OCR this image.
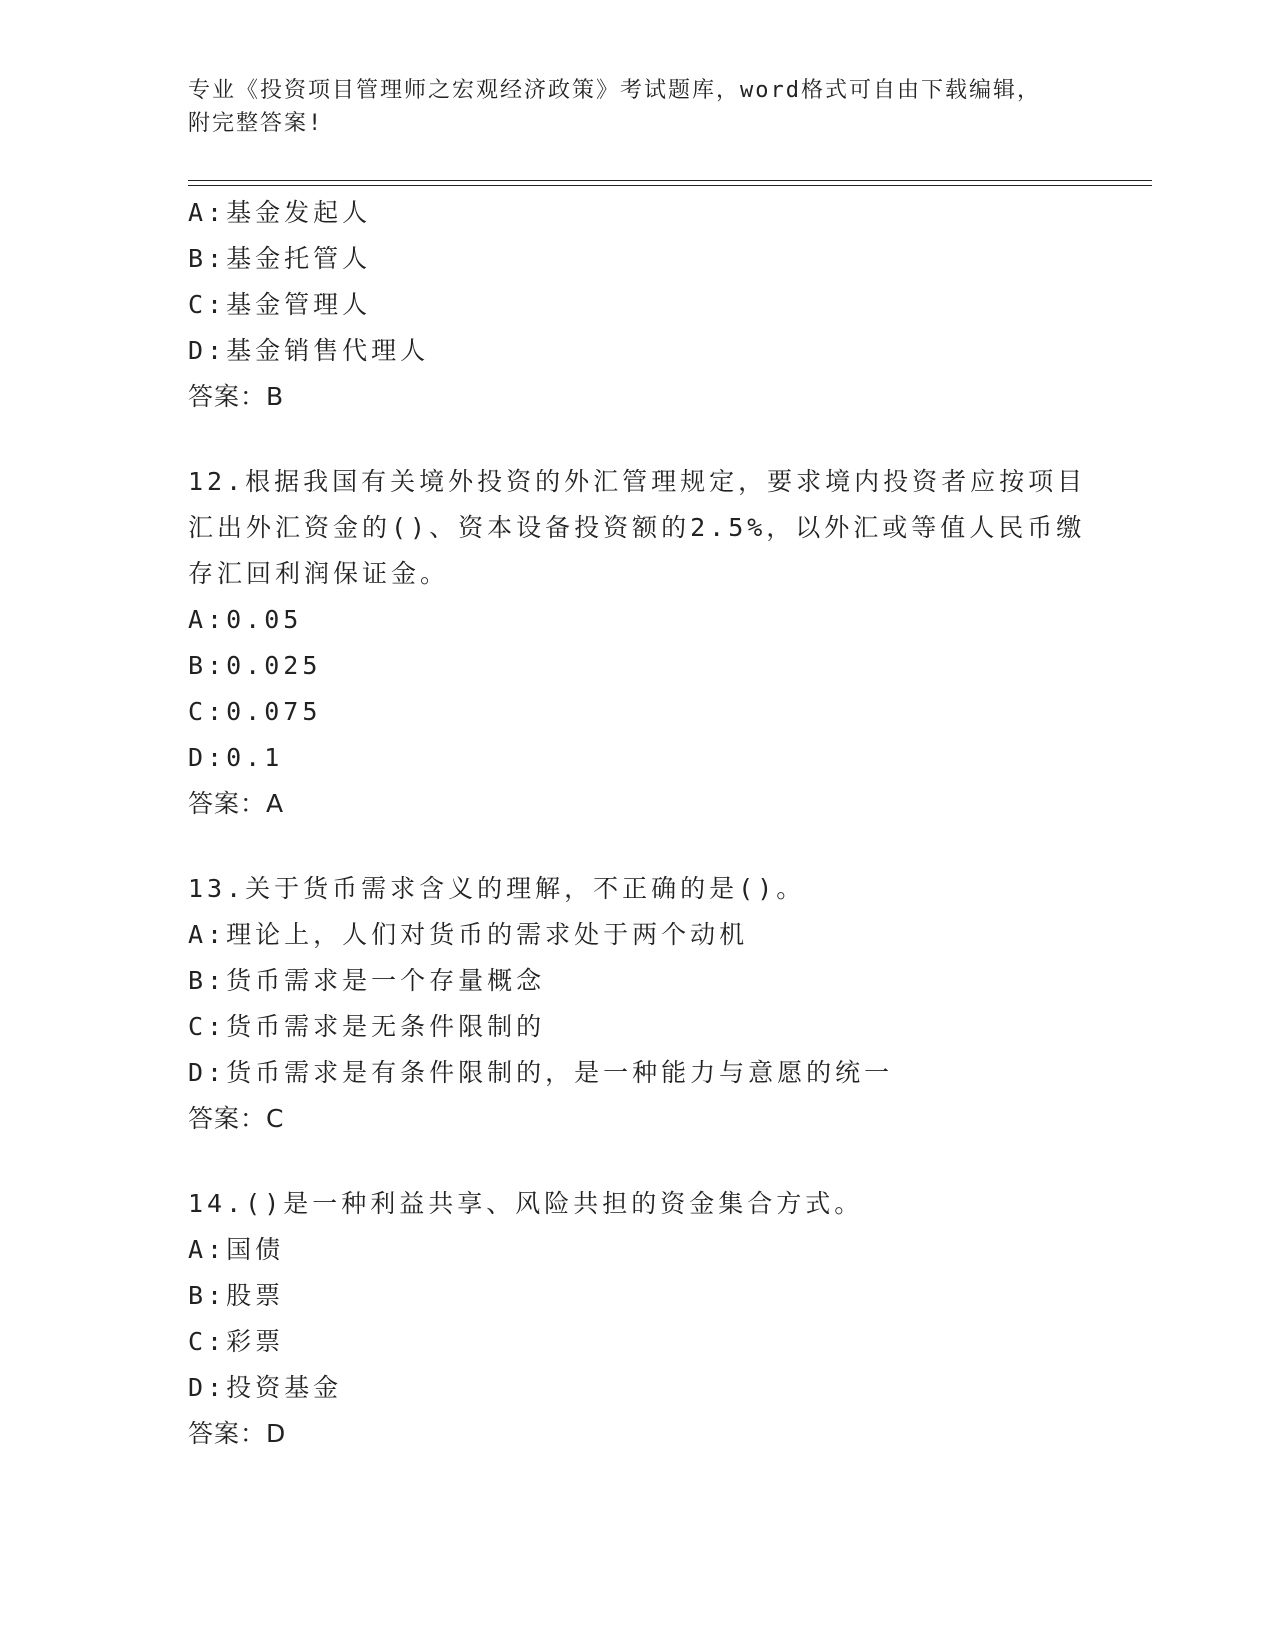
专业《投资项目管理师之宏观经济政策》考试题库，word格式可自由下载编辑，
附完整答案!
A:基金发起人
B:基金托管人
C:基金管理人
D:基金销售代理人
答案：B
12.根据我国有关境外投资的外汇管理规定，要求境内投资者应按项目
汇出外汇资金的()、资本设备投资额的2.5%，以外汇或等值人民币缴
存汇回利润保证金。
A:0.05
B:0.025
C:0.075
D:0.1
答案：A
13.关于货币需求含义的理解，不正确的是()。
A:理论上，人们对货币的需求处于两个动机
B:货币需求是一个存量概念
C:货币需求是无条件限制的
D:货币需求是有条件限制的，是一种能力与意愿的统一
答案：C
14.()是一种利益共享、风险共担的资金集合方式。
A:国债
B:股票
C:彩票
D:投资基金
答案：D
